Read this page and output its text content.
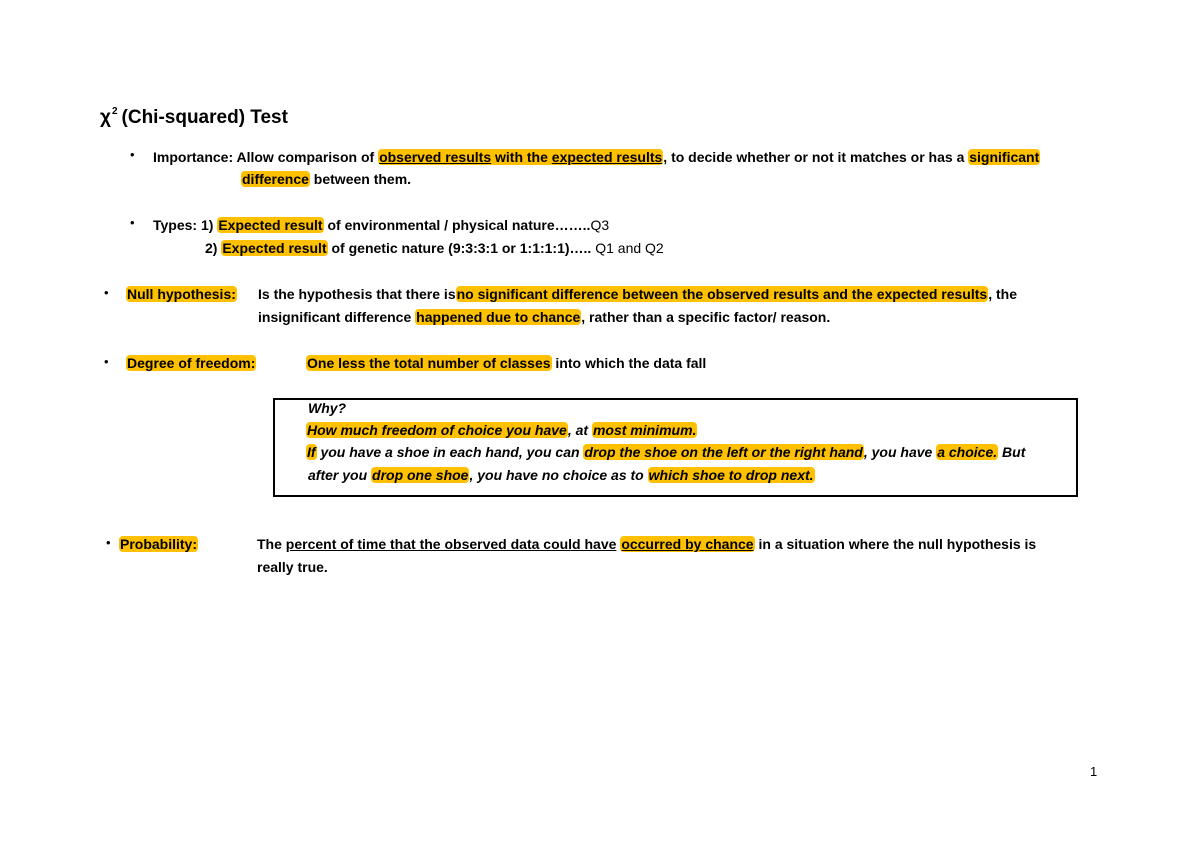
$\chi^2$ (Chi-squared) Test
• Importance: Allow comparison of observed results with the expected results, to decide whether or not it matches or has a significant
difference between them.
• Types: 1) Expected result of environmental / physical nature……..Q3
2) Expected result of genetic nature (9:3:3:1 or 1:1:1:1)….. Q1 and Q2
• Null hypothesis: Is the hypothesis that there isno significant difference between the observed results and the expected results, the
insignificant difference happened due to chance, rather than a specific factor/ reason.
• Degree of freedom:	One less the total number of classes into which the data fall
Why?
How much freedom of choice you have, at most minimum.
If you have a shoe in each hand, you can drop the shoe on the left or the right hand, you have a choice. But
after you drop one shoe, you have no choice as to which shoe to drop next.
• Probability:	The percent of time that the observed data could have occurred by chance in a situation where the null hypothesis is
really true.
1
